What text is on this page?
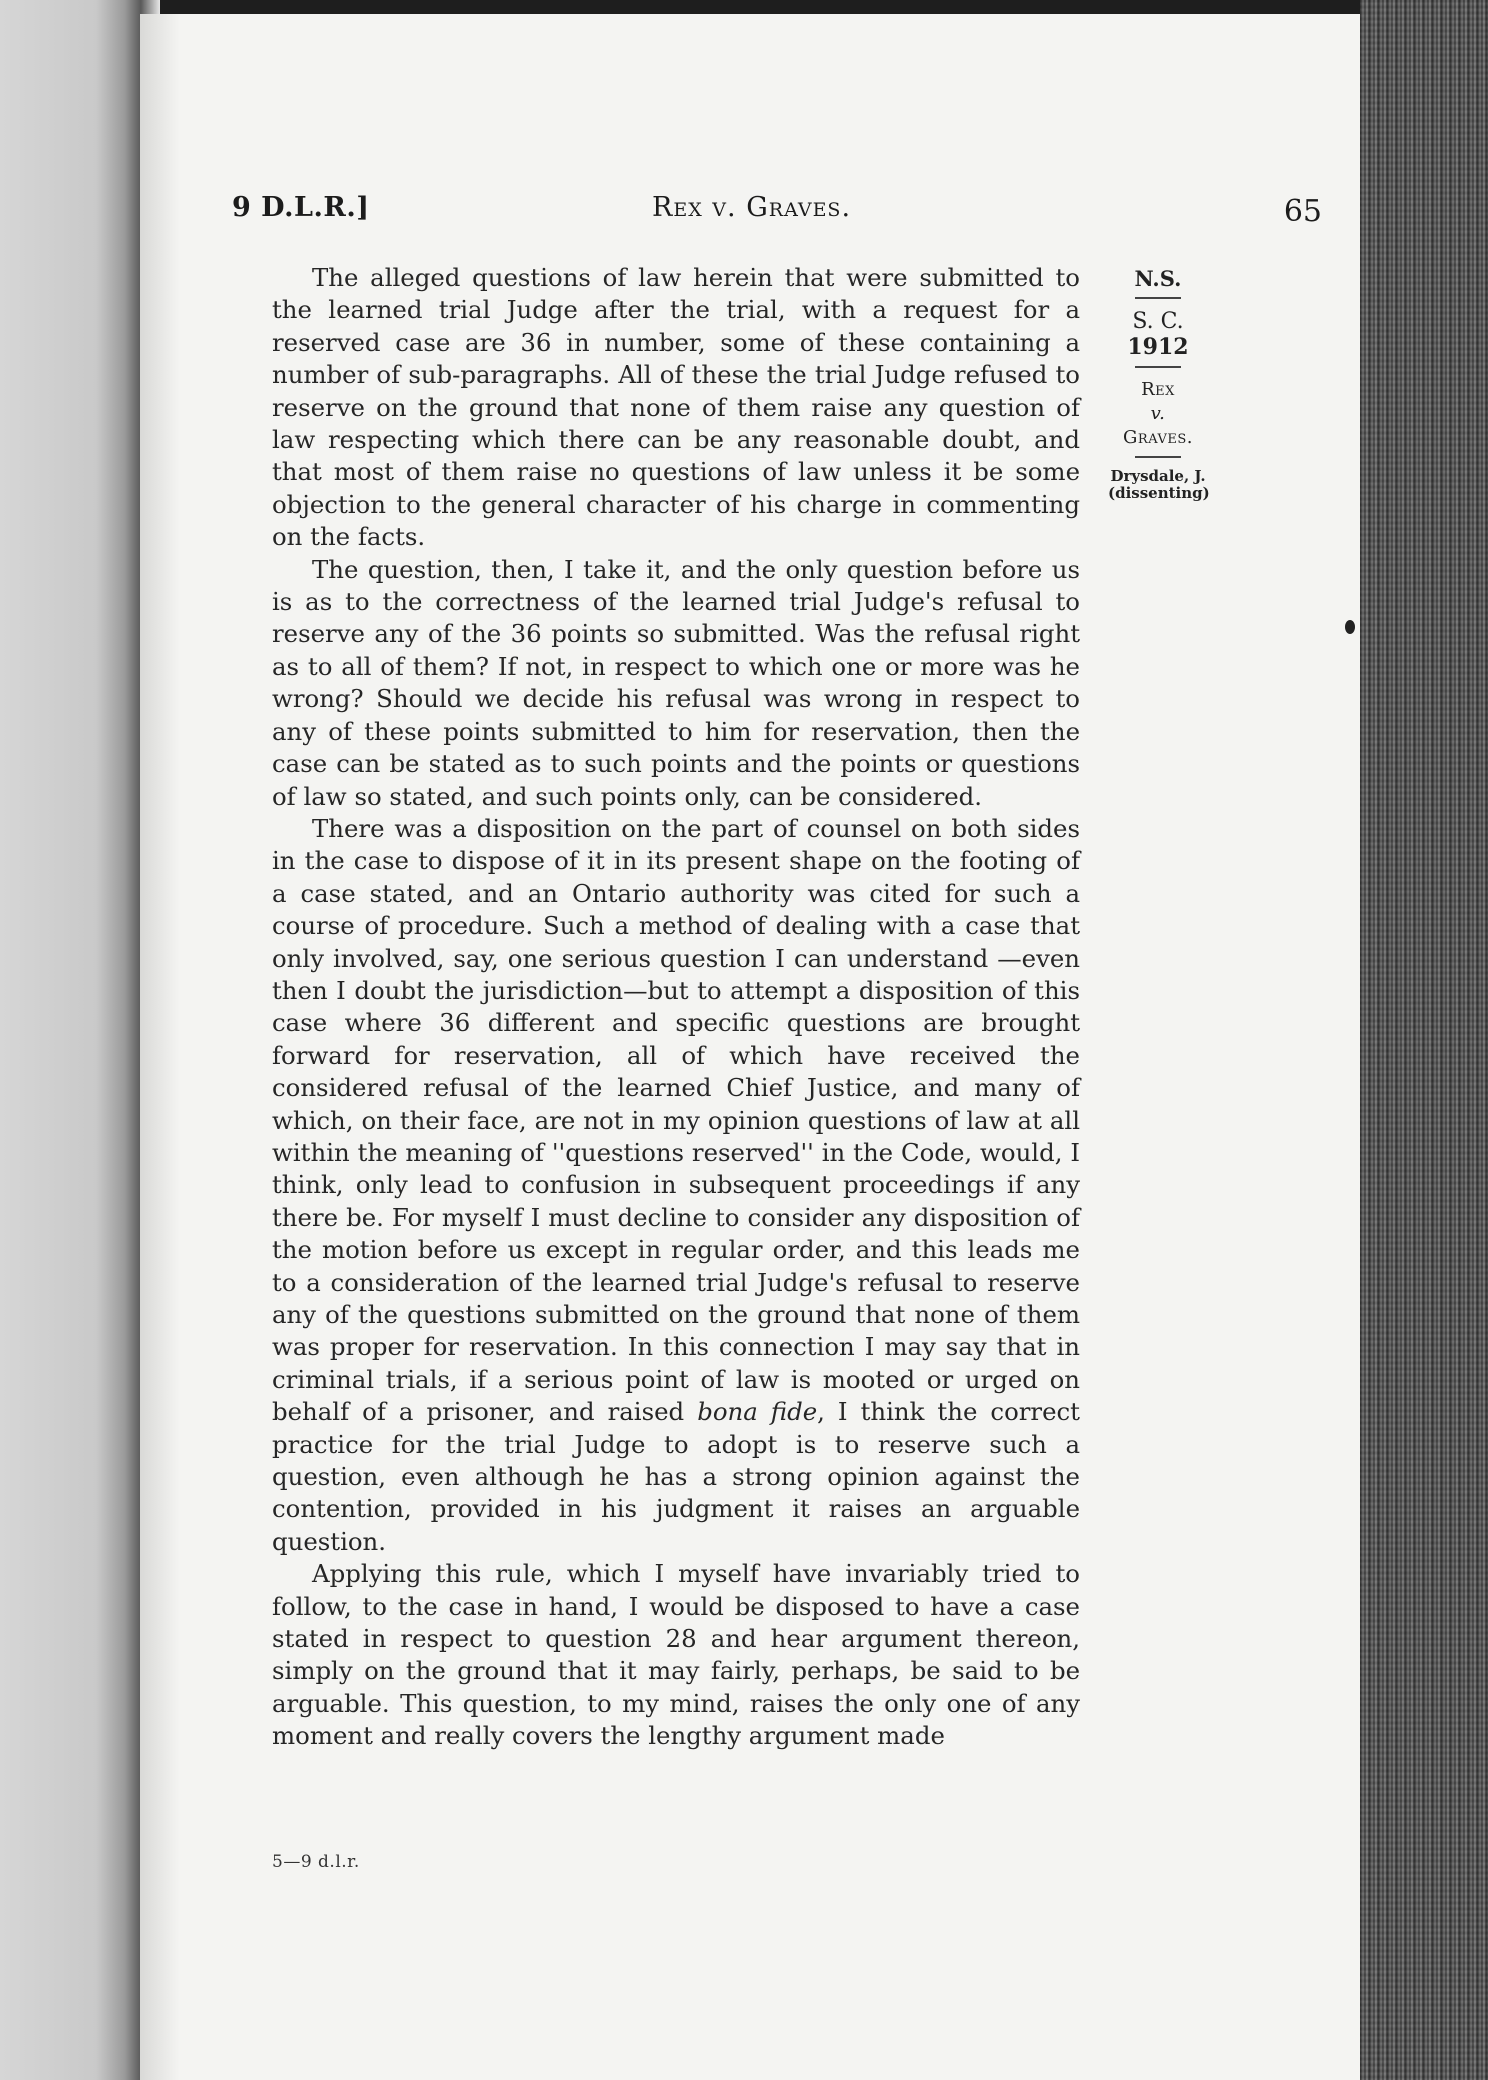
9 D.L.R.]	Rex v. Graves.	65

The alleged questions of law herein that were submitted to the learned trial Judge after the trial, with a request for a reserved case are 36 in number, some of these containing a number of sub-paragraphs. All of these the trial Judge refused to reserve on the ground that none of them raise any question of law respecting which there can be any reasonable doubt, and that most of them raise no questions of law unless it be some objection to the general character of his charge in commenting on the facts.

The question, then, I take it, and the only question before us is as to the correctness of the learned trial Judge's refusal to reserve any of the 36 points so submitted. Was the refusal right as to all of them? If not, in respect to which one or more was he wrong? Should we decide his refusal was wrong in respect to any of these points submitted to him for reservation, then the case can be stated as to such points and the points or questions of law so stated, and such points only, can be considered.

There was a disposition on the part of counsel on both sides in the case to dispose of it in its present shape on the footing of a case stated, and an Ontario authority was cited for such a course of procedure. Such a method of dealing with a case that only involved, say, one serious question I can understand —even then I doubt the jurisdiction—but to attempt a disposition of this case where 36 different and specific questions are brought forward for reservation, all of which have received the considered refusal of the learned Chief Justice, and many of which, on their face, are not in my opinion questions of law at all within the meaning of ''questions reserved'' in the Code, would, I think, only lead to confusion in subsequent proceedings if any there be. For myself I must decline to consider any disposition of the motion before us except in regular order, and this leads me to a consideration of the learned trial Judge's refusal to reserve any of the questions submitted on the ground that none of them was proper for reservation. In this connection I may say that in criminal trials, if a serious point of law is mooted or urged on behalf of a prisoner, and raised bona fide, I think the correct practice for the trial Judge to adopt is to reserve such a question, even although he has a strong opinion against the contention, provided in his judgment it raises an arguable question.

Applying this rule, which I myself have invariably tried to follow, to the case in hand, I would be disposed to have a case stated in respect to question 28 and hear argument thereon, simply on the ground that it may fairly, perhaps, be said to be arguable. This question, to my mind, raises the only one of any moment and really covers the lengthy argument made

N.S.
S. C.
1912
Rex
v.
Graves.
Drysdale, J.
(dissenting)
5—9 d.l.r.
